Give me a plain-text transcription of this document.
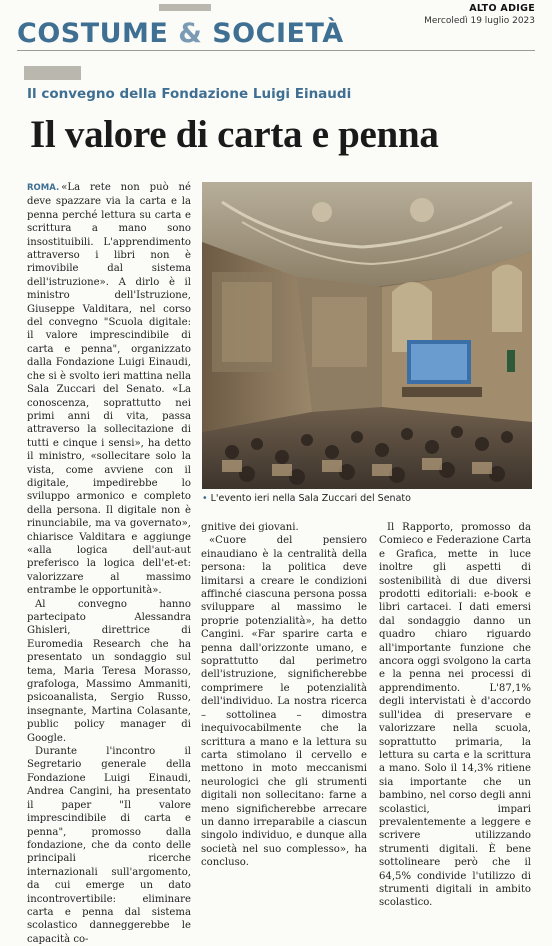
COSTUME & SOCIETÀ
ALTO ADIGE
Mercoledì 19 luglio 2023
Il convegno della Fondazione Luigi Einaudi
Il valore di carta e penna

ROMA. «La rete non può né deve spazzare via la carta e la penna perché lettura su carta e scrittura a mano sono insostituibili. L'apprendimento attraverso i libri non è rimovibile dal sistema dell'istruzione». A dirlo è il ministro dell'Istruzione, Giuseppe Valditara, nel corso del convegno "Scuola digitale: il valore imprescindibile di carta e penna", organizzato dalla Fondazione Luigi Einaudi, che si è svolto ieri mattina nella Sala Zuccari del Senato. «La conoscenza, soprattutto nei primi anni di vita, passa attraverso la sollecitazione di tutti e cinque i sensi», ha detto il ministro, «sollecitare solo la vista, come avviene con il digitale, impedirebbe lo sviluppo armonico e completo della persona. Il digitale non è rinunciabile, ma va governato», chiarisce Valditara e aggiunge «alla logica dell'aut-aut preferisco la logica dell'et-et: valorizzare al massimo entrambe le opportunità».

Al convegno hanno partecipato Alessandra Ghisleri, direttrice di Euromedia Research che ha presentato un sondaggio sul tema, Maria Teresa Morasso, grafologa, Massimo Ammaniti, psicoanalista, Sergio Russo, insegnante, Martina Colasante, public policy manager di Google.

Durante l'incontro il Segretario generale della Fondazione Luigi Einaudi, Andrea Cangini, ha presentato il paper "Il valore imprescindibile di carta e penna", promosso dalla fondazione, che da conto delle principali ricerche internazionali sull'argomento, da cui emerge un dato incontrovertibile: eliminare carta e penna dal sistema scolastico danneggerebbe le capacità co-

• L'evento ieri nella Sala Zuccari del Senato

gnitive dei giovani.

«Cuore del pensiero einaudiano è la centralità della persona: la politica deve limitarsi a creare le condizioni affinché ciascuna persona possa sviluppare al massimo le proprie potenzialità», ha detto Cangini. «Far sparire carta e penna dall'orizzonte umano, e soprattutto dal perimetro dell'istruzione, significherebbe comprimere le potenzialità dell'individuo. La nostra ricerca – sottolinea – dimostra inequivocabilmente che la scrittura a mano e la lettura su carta stimolano il cervello e mettono in moto meccanismi neurologici che gli strumenti digitali non sollecitano: farne a meno significherebbe arrecare un danno irreparabile a ciascun singolo individuo, e dunque alla società nel suo complesso», ha concluso.

Il Rapporto, promosso da Comieco e Federazione Carta e Grafica, mette in luce inoltre gli aspetti di sostenibilità di due diversi prodotti editoriali: e-book e libri cartacei. I dati emersi dal sondaggio danno un quadro chiaro riguardo all'importante funzione che ancora oggi svolgono la carta e la penna nei processi di apprendimento. L'87,1% degli intervistati è d'accordo sull'idea di preservare e valorizzare nella scuola, soprattutto primaria, la lettura su carta e la scrittura a mano. Solo il 14,3% ritiene sia importante che un bambino, nel corso degli anni scolastici, impari prevalentemente a leggere e scrivere utilizzando strumenti digitali. È bene sottolineare però che il 64,5% condivide l'utilizzo di strumenti digitali in ambito scolastico.
